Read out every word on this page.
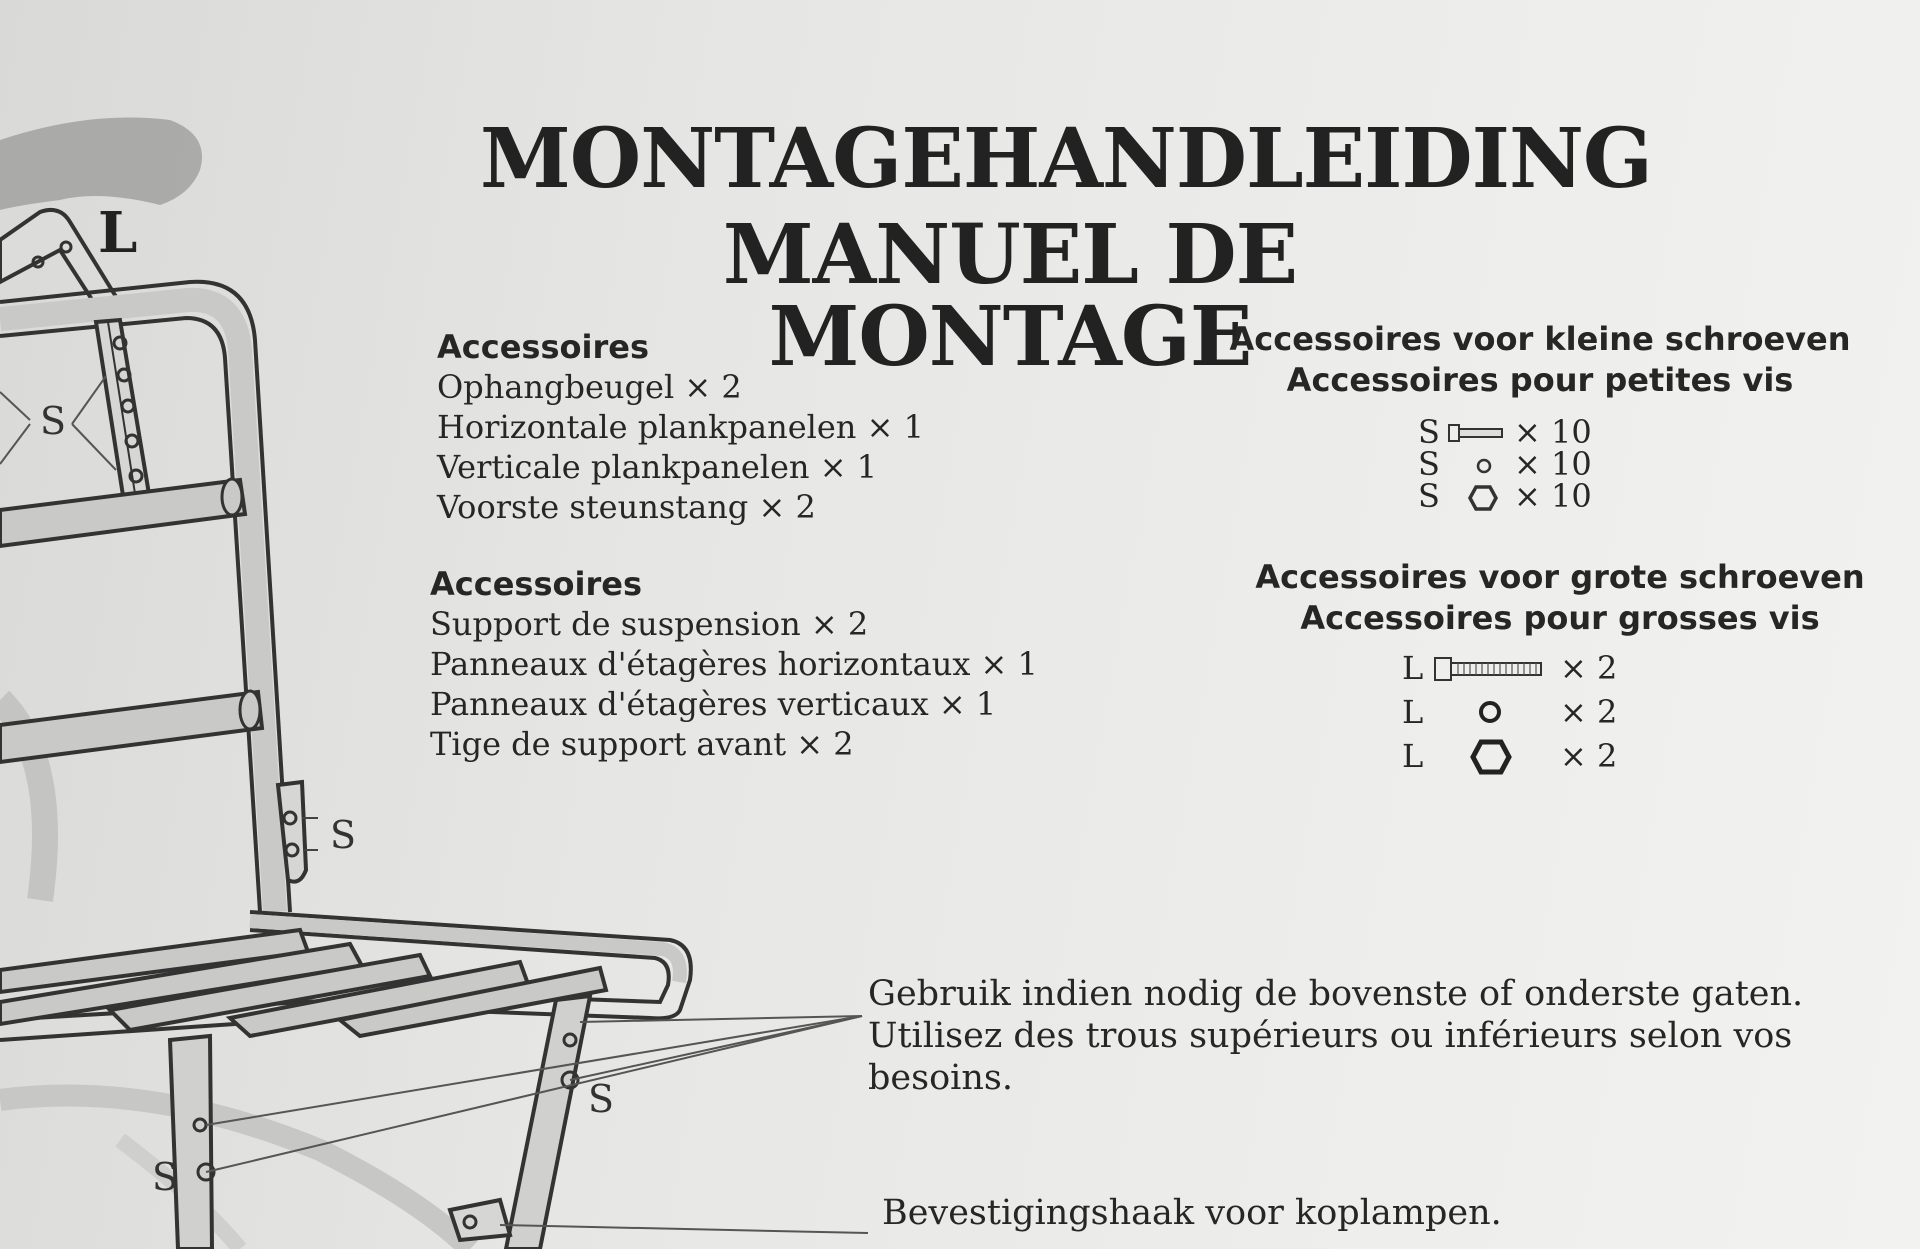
S
S
S
S
L
MONTAGEHANDLEIDING
MANUEL DE MONTAGE
Accessoires
Ophangbeugel × 2
Horizontale plankpanelen × 1
Verticale plankpanelen × 1
Voorste steunstang × 2
Accessoires
Support de suspension × 2
Panneaux d'étagères horizontaux × 1
Panneaux d'étagères verticaux × 1
Tige de support avant × 2
Accessoires voor kleine schroeven
Accessoires pour petites vis
S × 10
S × 10
S × 10
Accessoires voor grote schroeven
Accessoires pour grosses vis
L	× 2
L	× 2
L	× 2
Gebruik indien nodig de bovenste of onderste gaten.
Utilisez des trous supérieurs ou inférieurs selon vos besoins.
Bevestigingshaak voor koplampen.
